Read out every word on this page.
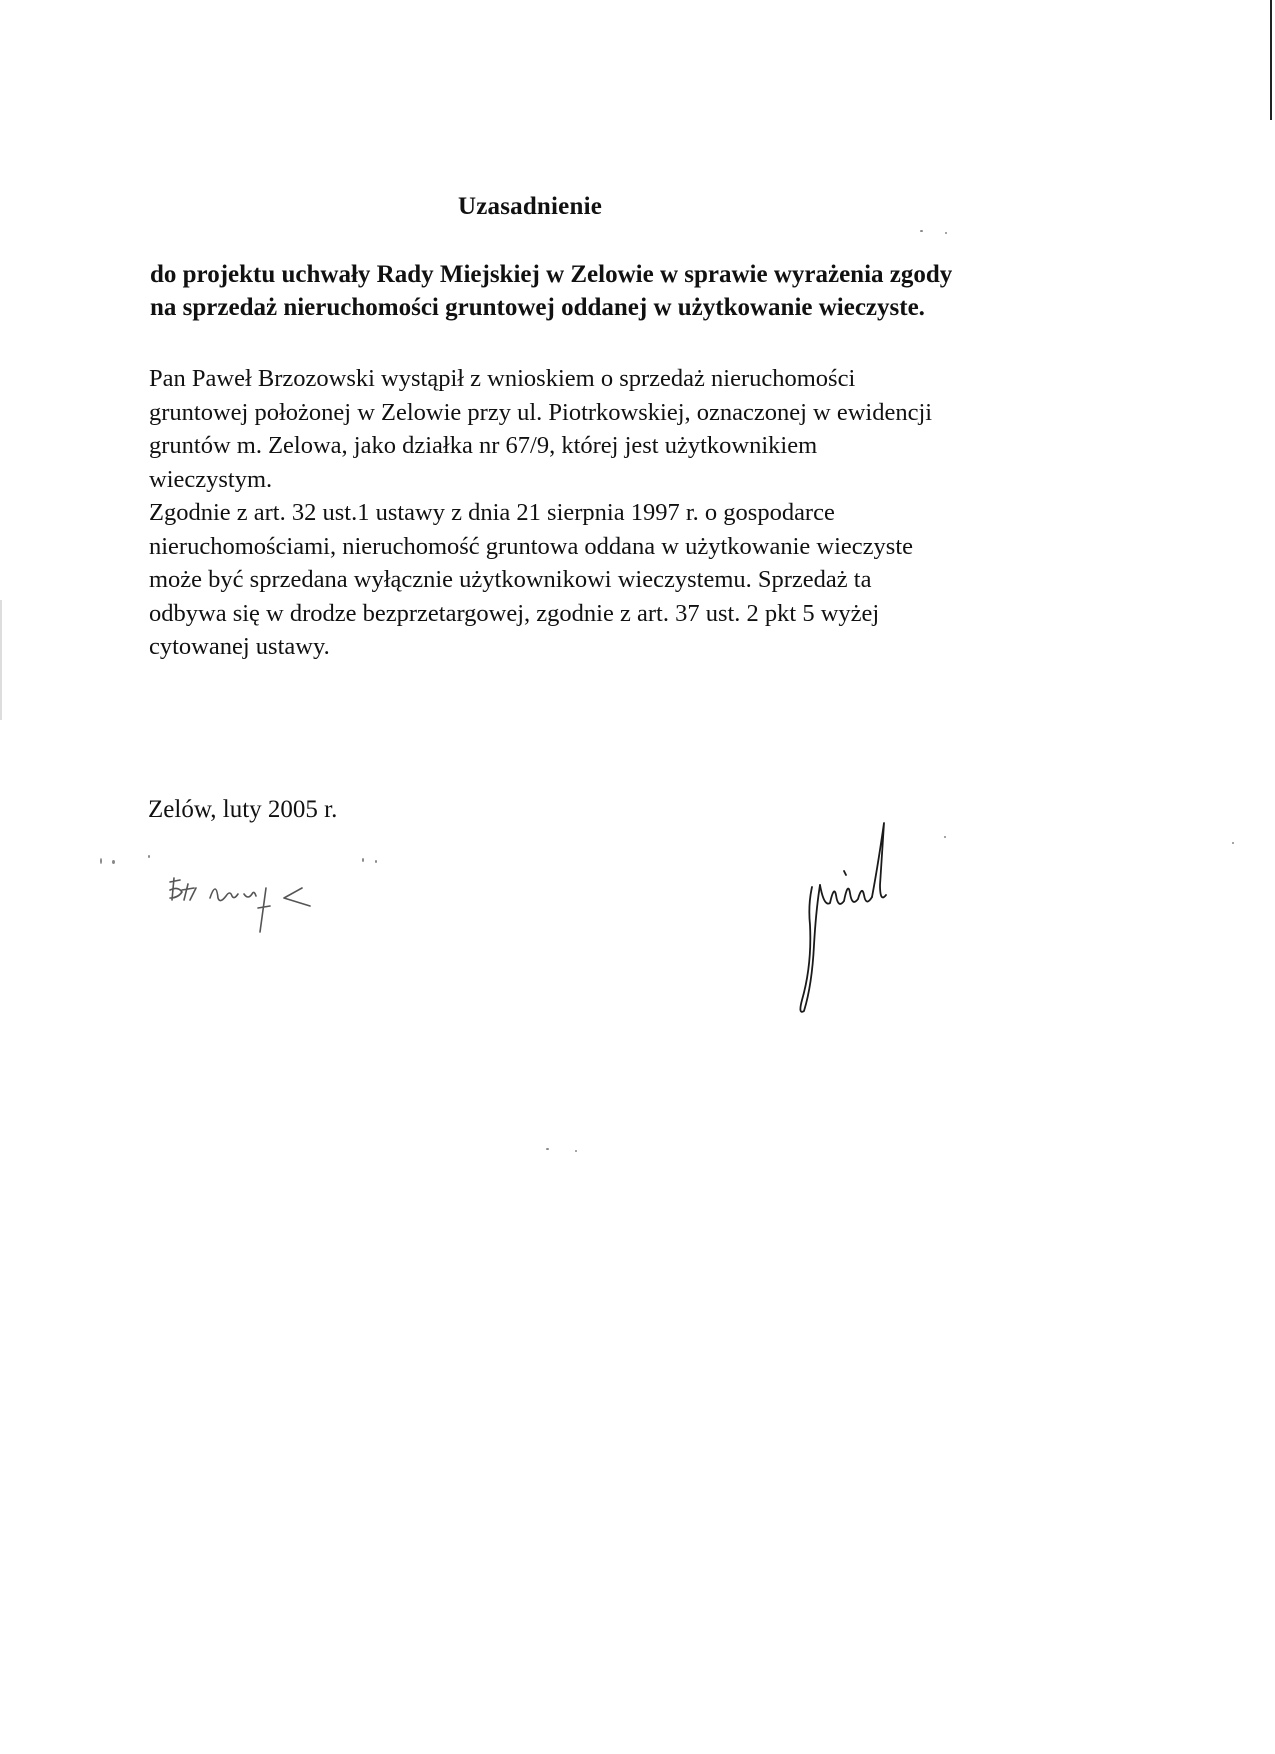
Uzasadnienie
do projektu uchwały Rady Miejskiej w Zelowie w sprawie wyrażenia zgody
na sprzedaż nieruchomości gruntowej oddanej w użytkowanie wieczyste.
Pan Paweł Brzozowski wystąpił z wnioskiem o sprzedaż nieruchomości
gruntowej położonej w Zelowie przy ul. Piotrkowskiej, oznaczonej w ewidencji
gruntów m. Zelowa, jako działka nr 67/9, której jest użytkownikiem
wieczystym.
Zgodnie z art. 32 ust.1 ustawy z dnia 21 sierpnia 1997 r. o gospodarce
nieruchomościami, nieruchomość gruntowa oddana w użytkowanie wieczyste
może być sprzedana wyłącznie użytkownikowi wieczystemu. Sprzedaż ta
odbywa się w drodze bezprzetargowej, zgodnie z art. 37 ust. 2 pkt 5 wyżej
cytowanej ustawy.
Zelów, luty 2005 r.
